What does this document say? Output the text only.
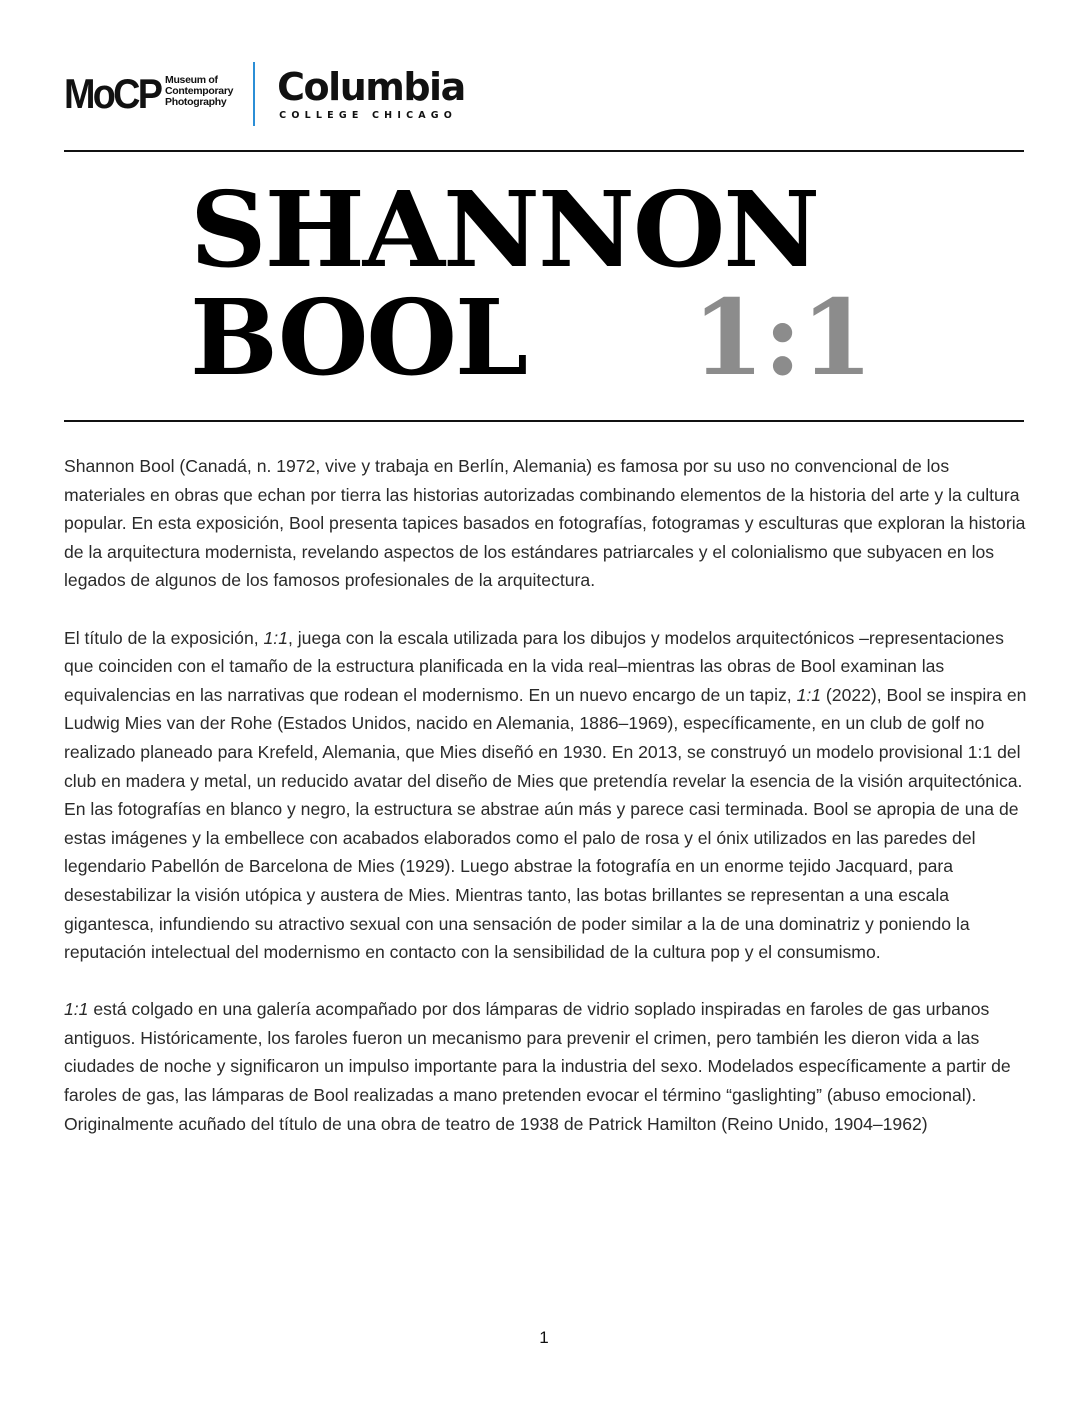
MoCP Museum of
Contemporary
Photography Columbia
COLLEGE CHICAGO
SHANNON
BOOL 1:1

Shannon Bool (Canadá, n. 1972, vive y trabaja en Berlín, Alemania) es famosa por su uso no convencional de los materiales en obras que echan por tierra las historias autorizadas combinando elementos de la historia del arte y la cultura popular. En esta exposición, Bool presenta tapices basados en fotografías, fotogramas y esculturas que exploran la historia de la arquitectura modernista, revelando aspectos de los estándares patriarcales y el colonialismo que subyacen en los legados de algunos de los famosos profesionales de la arquitectura.

El título de la exposición, 1:1, juega con la escala utilizada para los dibujos y modelos arquitectónicos –representaciones que coinciden con el tamaño de la estructura planificada en la vida real–mientras las obras de Bool examinan las equivalencias en las narrativas que rodean el modernismo. En un nuevo encargo de un tapiz, 1:1 (2022), Bool se inspira en Ludwig Mies van der Rohe (Estados Unidos, nacido en Alemania, 1886–1969), específicamente, en un club de golf no realizado planeado para Krefeld, Alemania, que Mies diseñó en 1930. En 2013, se construyó un modelo provisional 1:1 del club en madera y metal, un reducido avatar del diseño de Mies que pretendía revelar la esencia de la visión arquitectónica. En las fotografías en blanco y negro, la estructura se abstrae aún más y parece casi terminada. Bool se apropia de una de estas imágenes y la embellece con acabados elaborados como el palo de rosa y el ónix utilizados en las paredes del legendario Pabellón de Barcelona de Mies (1929). Luego abstrae la fotografía en un enorme tejido Jacquard, para desestabilizar la visión utópica y austera de Mies. Mientras tanto, las botas brillantes se representan a una escala gigantesca, infundiendo su atractivo sexual con una sensación de poder similar a la de una dominatriz y poniendo la reputación intelectual del modernismo en contacto con la sensibilidad de la cultura pop y el consumismo.

1:1 está colgado en una galería acompañado por dos lámparas de vidrio soplado inspiradas en faroles de gas urbanos antiguos. Históricamente, los faroles fueron un mecanismo para prevenir el crimen, pero también les dieron vida a las ciudades de noche y significaron un impulso importante para la industria del sexo. Modelados específicamente a partir de faroles de gas, las lámparas de Bool realizadas a mano pretenden evocar el término “gaslighting” (abuso emocional). Originalmente acuñado del título de una obra de teatro de 1938 de Patrick Hamilton (Reino Unido, 1904–1962)

1
